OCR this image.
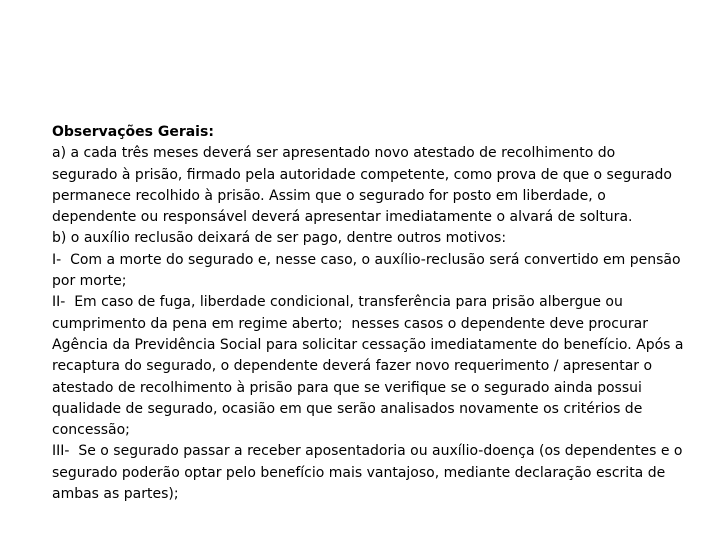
Observações Gerais:

a) a cada três meses deverá ser apresentado novo atestado de recolhimento do segurado à prisão, firmado pela autoridade competente, como prova de que o segurado permanece recolhido à prisão. Assim que o segurado for posto em liberdade, o dependente ou responsável deverá apresentar imediatamente o alvará de soltura.

b) o auxílio reclusão deixará de ser pago, dentre outros motivos:

I-  Com a morte do segurado e, nesse caso, o auxílio-reclusão será convertido em pensão por morte;

II-  Em caso de fuga, liberdade condicional, transferência para prisão albergue ou cumprimento da pena em regime aberto;  nesses casos o dependente deve procurar Agência da Previdência Social para solicitar cessação imediatamente do benefício. Após a recaptura do segurado, o dependente deverá fazer novo requerimento / apresentar o atestado de recolhimento à prisão para que se verifique se o segurado ainda possui qualidade de segurado, ocasião em que serão analisados novamente os critérios de concessão;

III-  Se o segurado passar a receber aposentadoria ou auxílio-doença (os dependentes e o segurado poderão optar pelo benefício mais vantajoso, mediante declaração escrita de ambas as partes);
